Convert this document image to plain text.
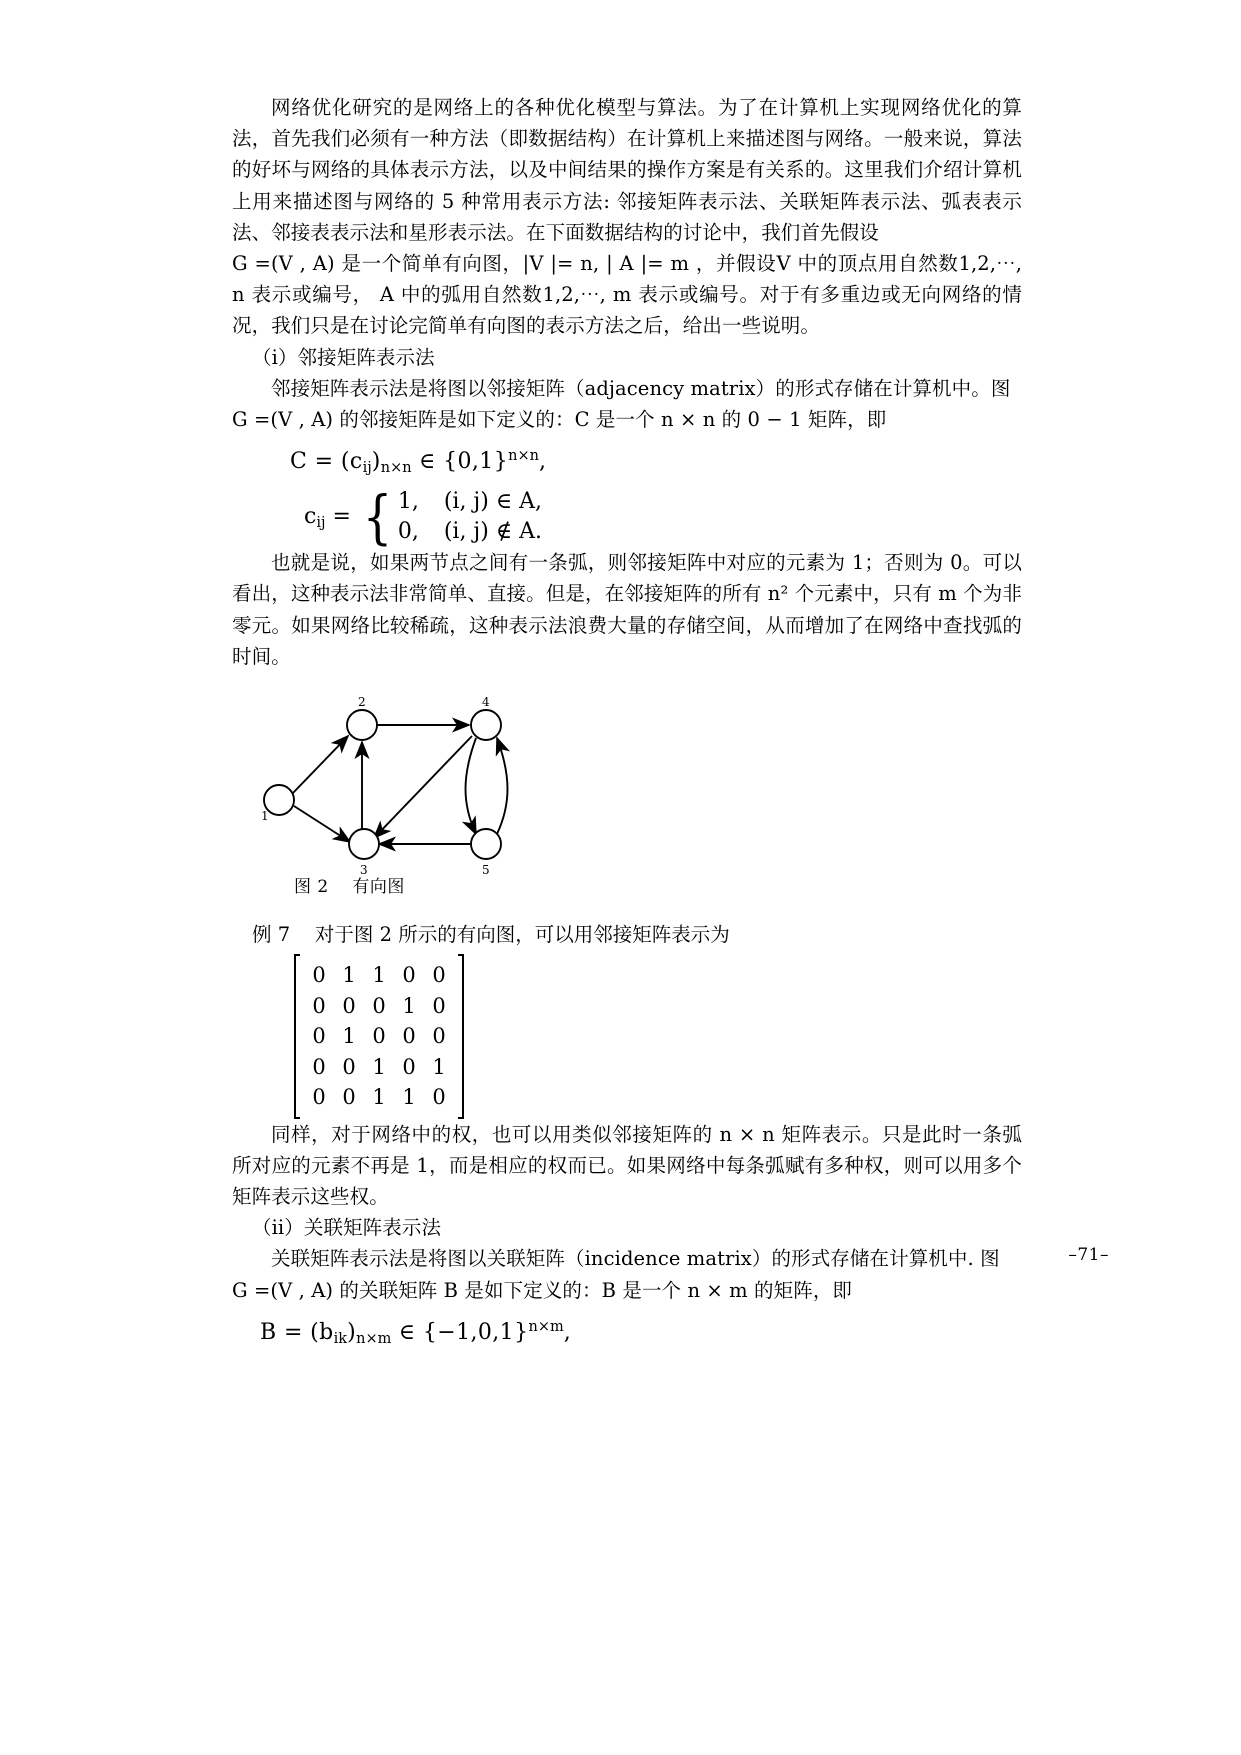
网络优化研究的是网络上的各种优化模型与算法。为了在计算机上实现网络优化的算法，首先我们必须有一种方法（即数据结构）在计算机上来描述图与网络。一般来说，算法的好坏与网络的具体表示方法，以及中间结果的操作方案是有关系的。这里我们介绍计算机上用来描述图与网络的 5 种常用表示方法: 邻接矩阵表示法、关联矩阵表示法、弧表表示法、邻接表表示法和星形表示法。在下面数据结构的讨论中，我们首先假设

G =(V , A) 是一个简单有向图，|V |= n, | A |= m ，并假设V 中的顶点用自然数1,2,⋯, n 表示或编号， A 中的弧用自然数1,2,⋯, m 表示或编号。对于有多重边或无向网络的情况，我们只是在讨论完简单有向图的表示方法之后，给出一些说明。

（i）邻接矩阵表示法

邻接矩阵表示法是将图以邻接矩阵（adjacency matrix）的形式存储在计算机中。图

G =(V , A) 的邻接矩阵是如下定义的：C 是一个 n × n 的 0 − 1 矩阵，即

$C = (c_{ij})_{n\times n}$ ∈ $\{0,1\}^{n\times n}$,
$c_{ij}$ = { 1,	(i, j) ∈ A,
0,	(i, j) ∉ A.

也就是说，如果两节点之间有一条弧，则邻接矩阵中对应的元素为 1；否则为 0。可以看出，这种表示法非常简单、直接。但是，在邻接矩阵的所有 n² 个元素中，只有 m 个为非零元。如果网络比较稀疏，这种表示法浪费大量的存储空间，从而增加了在网络中查找弧的时间。

1
2
3
4
5
图 2 有向图
例 7 对于图 2 所示的有向图，可以用邻接矩阵表示为
0 1 1 0 0
0 0 0 1 0
0 1 0 0 0
0 0 1 0 1
0 0 1 1 0

同样，对于网络中的权，也可以用类似邻接矩阵的 n × n 矩阵表示。只是此时一条弧所对应的元素不再是 1，而是相应的权而已。如果网络中每条弧赋有多种权，则可以用多个矩阵表示这些权。

（ii）关联矩阵表示法

关联矩阵表示法是将图以关联矩阵（incidence matrix）的形式存储在计算机中. 图

G =(V , A) 的关联矩阵 B 是如下定义的：B 是一个 n × m 的矩阵，即

$B = (b_{ik})_{n\times m}$ ∈ $\{-1,0,1\}^{n\times m}$,
–71–
